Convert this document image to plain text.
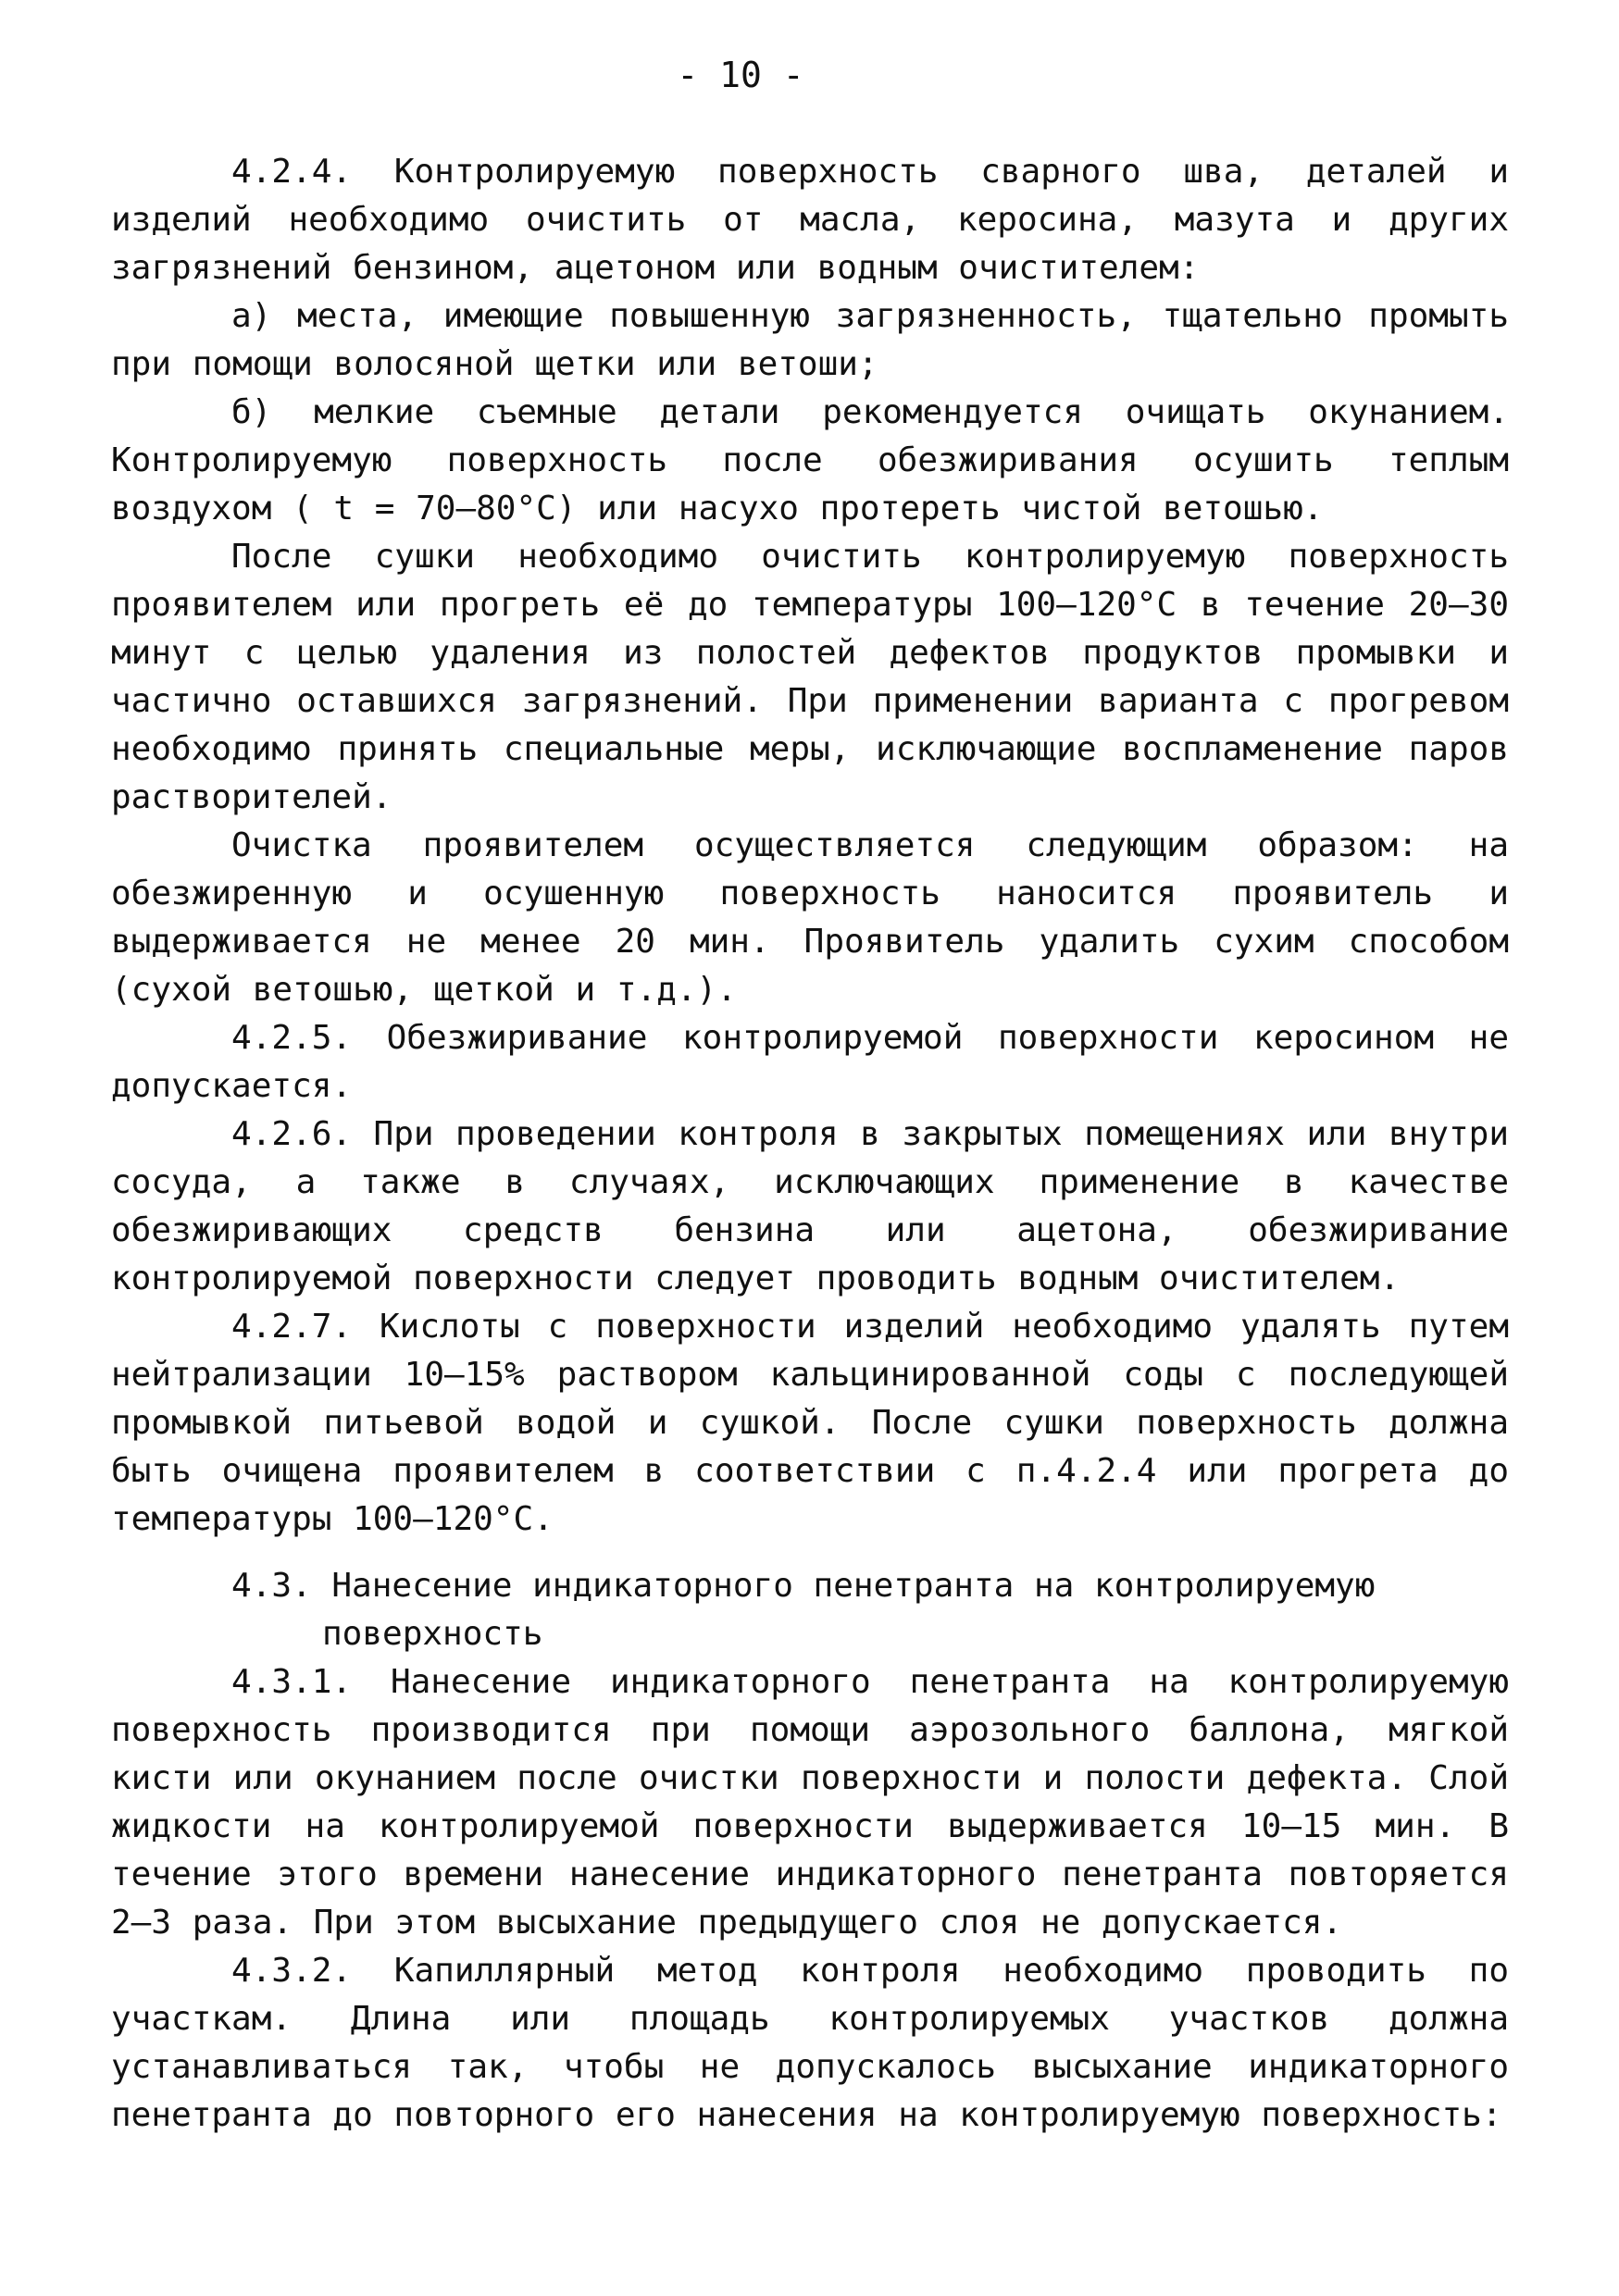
- 10 -

4.2.4. Контролируемую поверхность сварного шва, деталей и изделий необходимо очистить от масла, керосина, мазута и других загрязнений бензином, ацетоном или водным очистителем:

а) места, имеющие повышенную загрязненность, тщательно промыть при помощи волосяной щетки или ветоши;

б) мелкие съемные детали рекомендуется очищать окунанием. Контролируемую поверхность после обезжиривания осушить теплым воздухом ( t = 70–80°С) или насухо протереть чистой ветошью.

После сушки необходимо очистить контролируемую поверхность проявителем или прогреть её до температуры 100–120°С в течение 20–30 минут с целью удаления из полостей дефектов продуктов промывки и частично оставшихся загрязнений. При применении варианта с прогревом необходимо принять специальные меры, исключающие воспламенение паров растворителей.

Очистка проявителем осуществляется следующим образом: на обезжиренную и осушенную поверхность наносится проявитель и выдерживается не менее 20 мин. Проявитель удалить сухим способом (сухой ветошью, щеткой и т.д.).

4.2.5. Обезжиривание контролируемой поверхности керосином не допускается.

4.2.6. При проведении контроля в закрытых помещениях или внутри сосуда, а также в случаях, исключающих применение в качестве обезжиривающих средств бензина или ацетона, обезжиривание контролируемой поверхности следует проводить водным очистителем.

4.2.7. Кислоты с поверхности изделий необходимо удалять путем нейтрализации 10–15% раствором кальцинированной соды с последующей промывкой питьевой водой и сушкой. После сушки поверхность должна быть очищена проявителем в соответствии с п.4.2.4 или прогрета до температуры 100–120°С.

4.3. Нанесение индикаторного пенетранта на контролируемую

поверхность

4.3.1. Нанесение индикаторного пенетранта на контролируемую поверхность производится при помощи аэрозольного баллона, мягкой кисти или окунанием после очистки поверхности и полости дефекта. Слой жидкости на контролируемой поверхности выдерживается 10–15 мин. В течение этого времени нанесение индикаторного пенетранта повторяется 2–3 раза. При этом высыхание предыдущего слоя не допускается.

4.3.2. Капиллярный метод контроля необходимо проводить по участкам. Длина или площадь контролируемых участков должна устанавливаться так, чтобы не допускалось высыхание индикаторного пенетранта до повторного его нанесения на контролируемую поверхность:
